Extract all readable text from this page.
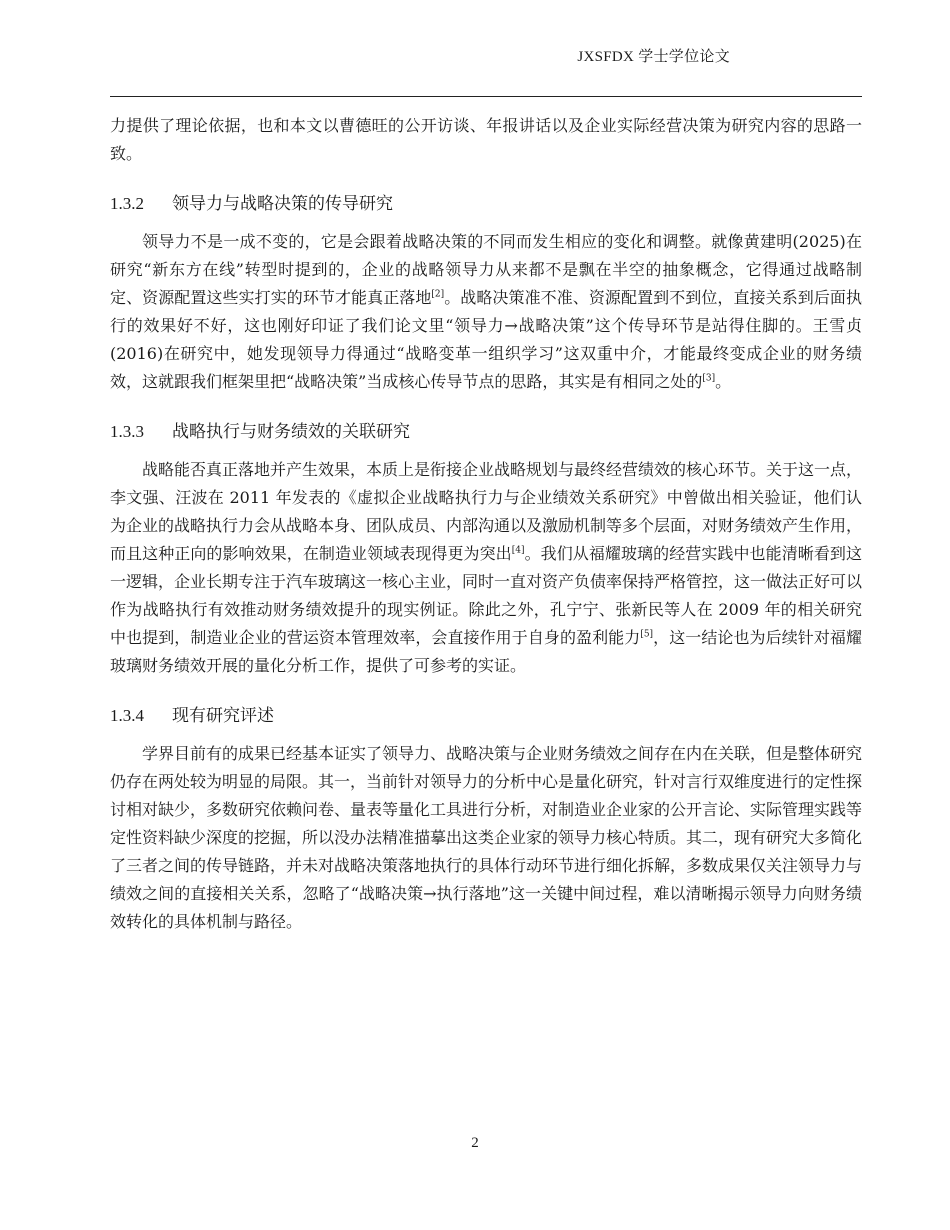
JXSFDX 学士学位论文

力提供了理论依据，也和本文以曹德旺的公开访谈、年报讲话以及企业实际经营决策为研究内容的思路一致。

1.3.2 领导力与战略决策的传导研究

领导力不是一成不变的，它是会跟着战略决策的不同而发生相应的变化和调整。就像黄建明(2025)在研究“新东方在线”转型时提到的，企业的战略领导力从来都不是飘在半空的抽象概念，它得通过战略制定、资源配置这些实打实的环节才能真正落地[2]。战略决策准不准、资源配置到不到位，直接关系到后面执行的效果好不好，这也刚好印证了我们论文里“领导力→战略决策”这个传导环节是站得住脚的。王雪贞(2016)在研究中，她发现领导力得通过“战略变革一组织学习”这双重中介，才能最终变成企业的财务绩效，这就跟我们框架里把“战略决策”当成核心传导节点的思路，其实是有相同之处的[3]。

1.3.3 战略执行与财务绩效的关联研究

战略能否真正落地并产生效果，本质上是衔接企业战略规划与最终经营绩效的核心环节。关于这一点，李文强、汪波在 2011 年发表的《虚拟企业战略执行力与企业绩效关系研究》中曾做出相关验证，他们认为企业的战略执行力会从战略本身、团队成员、内部沟通以及激励机制等多个层面，对财务绩效产生作用，而且这种正向的影响效果，在制造业领域表现得更为突出[4]。我们从福耀玻璃的经营实践中也能清晰看到这一逻辑，企业长期专注于汽车玻璃这一核心主业，同时一直对资产负债率保持严格管控，这一做法正好可以作为战略执行有效推动财务绩效提升的现实例证。除此之外，孔宁宁、张新民等人在 2009 年的相关研究中也提到，制造业企业的营运资本管理效率，会直接作用于自身的盈利能力[5]，这一结论也为后续针对福耀玻璃财务绩效开展的量化分析工作，提供了可参考的实证。

1.3.4 现有研究评述

学界目前有的成果已经基本证实了领导力、战略决策与企业财务绩效之间存在内在关联，但是整体研究仍存在两处较为明显的局限。其一，当前针对领导力的分析中心是量化研究，针对言行双维度进行的定性探讨相对缺少，多数研究依赖问卷、量表等量化工具进行分析，对制造业企业家的公开言论、实际管理实践等定性资料缺少深度的挖掘，所以没办法精准描摹出这类企业家的领导力核心特质。其二，现有研究大多简化了三者之间的传导链路，并未对战略决策落地执行的具体行动环节进行细化拆解，多数成果仅关注领导力与绩效之间的直接相关关系，忽略了“战略决策→执行落地”这一关键中间过程，难以清晰揭示领导力向财务绩效转化的具体机制与路径。

2
